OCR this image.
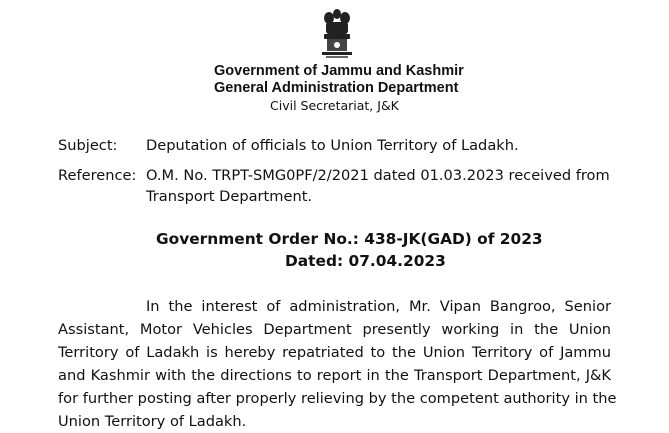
Government of Jammu and Kashmir
General Administration Department
Civil Secretariat, J&K
Subject: Deputation of officials to Union Territory of Ladakh.
Reference: O.M. No. TRPT-SMG0PF/2/2021 dated 01.03.2023 received from
Transport Department.
Government Order No.: 438-JK(GAD) of 2023
Dated: 07.04.2023
In the interest of administration, Mr. Vipan Bangroo, Senior
Assistant, Motor Vehicles Department presently working in the Union
Territory of Ladakh is hereby repatriated to the Union Territory of Jammu
and Kashmir with the directions to report in the Transport Department, J&K
for further posting after properly relieving by the competent authority in the
Union Territory of Ladakh.
